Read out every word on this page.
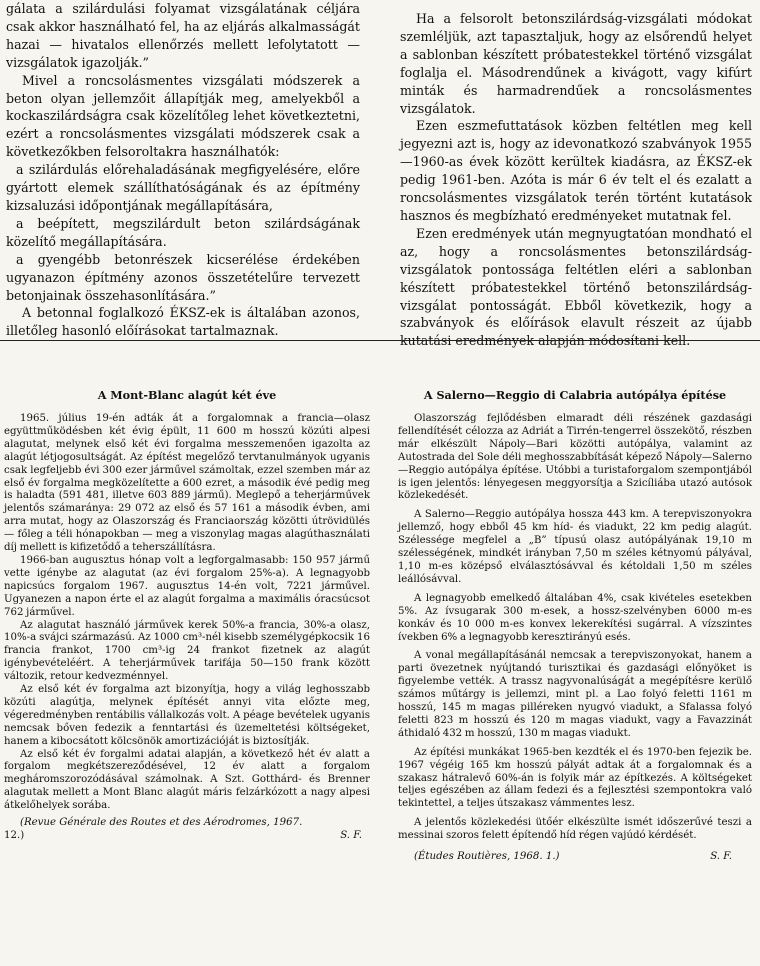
gálata a szilárdulási folyamat vizsgálatának céljára csak akkor használható fel, ha az eljárás alkalmasságát hazai — hivatalos ellenőrzés mellett lefolytatott — vizsgálatok igazolják.”

Mivel a roncsolásmentes vizsgálati módszerek a beton olyan jellemzőit állapítják meg, amelyekből a kockaszilárdságra csak közelítőleg lehet következtetni, ezért a roncsolásmentes vizsgálati módszerek csak a következőkben felsoroltakra használhatók:

a szilárdulás előrehaladásának megfigyelésére, előre gyártott elemek szállíthatóságának és az építmény kizsaluzási időpontjának megállapítására,

a beépített, megszilárdult beton szilárdságának közelítő megállapítására.

a gyengébb betonrészek kicserélése érdekében ugyanazon építmény azonos összetételűre tervezett betonjainak összehasonlítására.”

A betonnal foglalkozó ÉKSZ-ek is általában azonos, illetőleg hasonló előírásokat tartalmaznak.

Ha a felsorolt betonszilárdság-vizsgálati módokat szemléljük, azt tapasztaljuk, hogy az elsőrendű helyet a sablonban készített próbatestekkel történő vizsgálat foglalja el. Másodrendűnek a kivágott, vagy kifúrt minták és harmadrendűek a roncsolásmentes vizsgálatok.

Ezen eszmefuttatások közben feltétlen meg kell jegyezni azt is, hogy az idevonatkozó szabványok 1955—1960-as évek között kerültek kiadásra, az ÉKSZ-ek pedig 1961-ben. Azóta is már 6 év telt el és ezalatt a roncsolásmentes vizsgálatok terén történt kutatások hasznos és megbízható eredményeket mutatnak fel.

Ezen eredmények után megnyugtatóan mondható el az, hogy a roncsolásmentes betonszilárdság-vizsgálatok pontossága feltétlen eléri a sablonban készített próbatestekkel történő betonszilárdság-vizsgálat pontosságát. Ebből következik, hogy a szabványok és előírások elavult részeit az újabb kutatási eredmények alapján módosítani kell.

A Mont-Blanc alagút két éve

1965. július 19-én adták át a forgalomnak a francia—olasz együttműködésben két évig épült, 11 600 m hosszú közúti alpesi alagutat, melynek első két évi forgalma messzemenően igazolta az alagút létjogosultságát. Az építést megelőző tervtanulmányok ugyanis csak legfeljebb évi 300 ezer járművel számoltak, ezzel szemben már az első év forgalma megközelítette a 600 ezret, a második évé pedig meg is haladta (591 481, illetve 603 889 jármű). Meglepő a teherjárművek jelentős számaránya: 29 072 az első és 57 161 a második évben, ami arra mutat, hogy az Olaszország és Franciaország közötti útrövidülés — főleg a téli hónapokban — meg a viszonylag magas alagúthasználati díj mellett is kifizetődő a teherszállításra.

1966-ban augusztus hónap volt a legforgalmasabb: 150 957 jármű vette igénybe az alagutat (az évi forgalom 25%-a). A legnagyobb napicsúcs forgalom 1967. augusztus 14-én volt, 7221 járművel. Ugyanezen a napon érte el az alagút forgalma a maximális óracsúcsot 762 járművel.

Az alagutat használó járművek kerek 50%-a francia, 30%-a olasz, 10%-a svájci származású. Az 1000 cm³-nél kisebb személygépkocsik 16 francia frankot, 1700 cm³-ig 24 frankot fizetnek az alagút igénybevételéért. A teherjárművek tarifája 50—150 frank között változik, retour kedvezménnyel.

Az első két év forgalma azt bizonyítja, hogy a világ leghosszabb közúti alagútja, melynek építését annyi vita előzte meg, végeredményben rentábilis vállalkozás volt. A péage bevételek ugyanis nemcsak bőven fedezik a fenntartási és üzemeltetési költségeket, hanem a kibocsátott kölcsönök amortizációját is biztosítják.

Az első két év forgalmi adatai alapján, a következő hét év alatt a forgalom megkétszereződésével, 12 év alatt a forgalom megháromszorozódásával számolnak. A Szt. Gotthárd- és Brenner alagutak mellett a Mont Blanc alagút máris felzárkózott a nagy alpesi átkelőhelyek sorába.

(Revue Générale des Routes et des Aérodromes, 1967.
12.)	S. F.
A Salerno—Reggio di Calabria autópálya építése

Olaszország fejlődésben elmaradt déli részének gazdasági fellendítését célozza az Adriát a Tirrén-tengerrel összekötő, részben már elkészült Nápoly—Bari közötti autópálya, valamint az Autostrada del Sole déli meghosszabbítását képező Nápoly—Salerno—Reggio autópálya építése. Utóbbi a turistaforgalom szempontjából is igen jelentős: lényegesen meggyorsítja a Szicíliába utazó autósok közlekedését.

A Salerno—Reggio autópálya hossza 443 km. A terepviszonyokra jellemző, hogy ebből 45 km híd- és viadukt, 22 km pedig alagút. Szélessége megfelel a „B” típusú olasz autópályának 19,10 m szélességének, mindkét irányban 7,50 m széles kétnyomú pályával, 1,10 m-es középső elválasztósávval és kétoldali 1,50 m széles leállósávval.

A legnagyobb emelkedő általában 4%, csak kivételes esetekben 5%. Az ívsugarak 300 m-esek, a hossz-szelvényben 6000 m-es konkáv és 10 000 m-es konvex lekerekítési sugárral. A vízszintes ívekben 6% a legnagyobb keresztirányú esés.

A vonal megállapításánál nemcsak a terepviszonyokat, hanem a parti övezetnek nyújtandó turisztikai és gazdasági előnyöket is figyelembe vették. A trassz nagyvonalúságát a megépítésre kerülő számos műtárgy is jellemzi, mint pl. a Lao folyó feletti 1161 m hosszú, 145 m magas pilléreken nyugvó viadukt, a Sfalassa folyó feletti 823 m hosszú és 120 m magas viadukt, vagy a Favazzinát áthidaló 432 m hosszú, 130 m magas viadukt.

Az építési munkákat 1965-ben kezdték el és 1970-ben fejezik be. 1967 végéig 165 km hosszú pályát adtak át a forgalomnak és a szakasz hátralevő 60%-án is folyik már az építkezés. A költségeket teljes egészében az állam fedezi és a fejlesztési szempontokra való tekintettel, a teljes útszakasz vámmentes lesz.

A jelentős közlekedési ütőér elkészülte ismét időszerűvé teszi a messinai szoros felett építendő híd régen vajúdó kérdését.

(Études Routières, 1968. 1.)	S. F.
